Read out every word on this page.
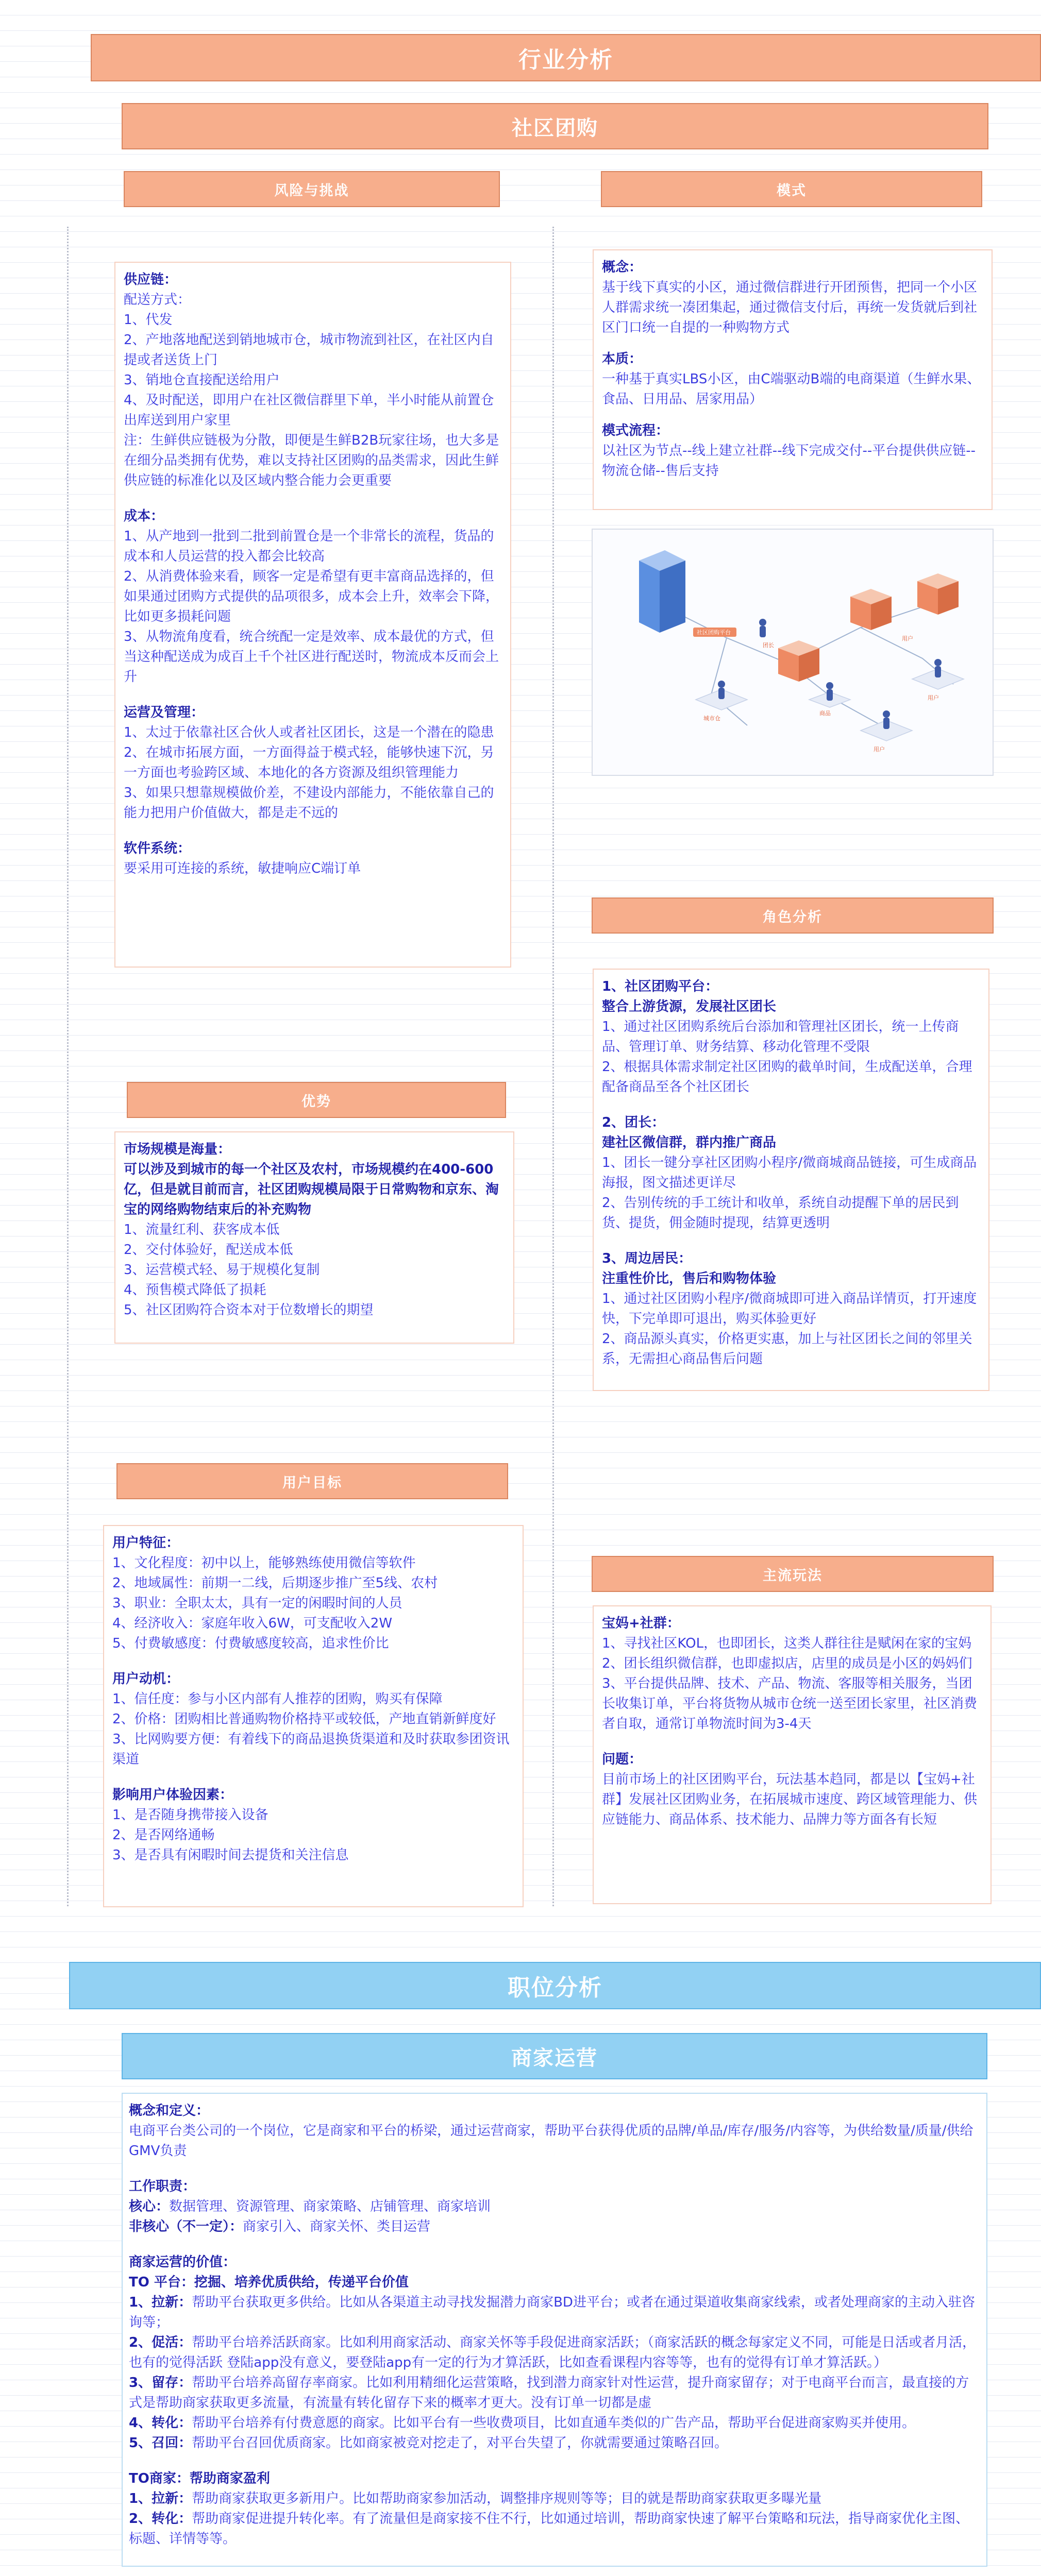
行业分析
社区团购
风险与挑战	模式

供应链：

配送方式：

1、代发

2、产地落地配送到销地城市仓，城市物流到社区，在社区内自提或者送货上门

3、销地仓直接配送给用户

4、及时配送，即用户在社区微信群里下单，半小时能从前置仓出库送到用户家里

注：生鲜供应链极为分散，即便是生鲜B2B玩家往场，也大多是在细分品类拥有优势，难以支持社区团购的品类需求，因此生鲜供应链的标准化以及区域内整合能力会更重要

成本：

1、从产地到一批到二批到前置仓是一个非常长的流程，货品的成本和人员运营的投入都会比较高

2、从消费体验来看，顾客一定是希望有更丰富商品选择的，但如果通过团购方式提供的品项很多，成本会上升，效率会下降，比如更多损耗问题

3、从物流角度看，统合统配一定是效率、成本最优的方式，但当这种配送成为成百上千个社区进行配送时，物流成本反而会上升

运营及管理：

1、太过于依靠社区合伙人或者社区团长，这是一个潜在的隐患

2、在城市拓展方面，一方面得益于模式轻，能够快速下沉，另一方面也考验跨区域、本地化的各方资源及组织管理能力

3、如果只想靠规模做价差，不建设内部能力，不能依靠自己的能力把用户价值做大，都是走不远的

软件系统：

要采用可连接的系统，敏捷响应C端订单

概念：

基于线下真实的小区，通过微信群进行开团预售，把同一个小区人群需求统一凑团集起，通过微信支付后，再统一发货就后到社区门口统一自提的一种购物方式

本质：

一种基于真实LBS小区，由C端驱动B端的电商渠道（生鲜水果、食品、日用品、居家用品）

模式流程：

以社区为节点--线上建立社群--线下完成交付--平台提供供应链--物流仓储--售后支持

社区团购平台
团长
用户
用户
商品
城市仓
用户
角色分析

1、社区团购平台：

整合上游货源，发展社区团长

1、通过社区团购系统后台添加和管理社区团长，统一上传商品、管理订单、财务结算、移动化管理不受限

2、根据具体需求制定社区团购的截单时间，生成配送单，合理配备商品至各个社区团长

2、团长：

建社区微信群，群内推广商品

1、团长一键分享社区团购小程序/微商城商品链接，可生成商品海报，图文描述更详尽

2、告别传统的手工统计和收单，系统自动提醒下单的居民到货、提货，佣金随时提现，结算更透明

3、周边居民：

注重性价比，售后和购物体验

1、通过社区团购小程序/微商城即可进入商品详情页，打开速度快，下完单即可退出，购买体验更好

2、商品源头真实，价格更实惠，加上与社区团长之间的邻里关系，无需担心商品售后问题

优势

市场规模是海量：

可以涉及到城市的每一个社区及农村，市场规模约在400-600亿，但是就目前而言，社区团购规模局限于日常购物和京东、淘宝的网络购物结束后的补充购物

1、流量红利、获客成本低

2、交付体验好，配送成本低

3、运营模式轻、易于规模化复制

4、预售模式降低了损耗

5、社区团购符合资本对于位数增长的期望

用户目标

用户特征：

1、文化程度：初中以上，能够熟练使用微信等软件

2、地域属性：前期一二线，后期逐步推广至5线、农村

3、职业：全职太太，具有一定的闲暇时间的人员

4、经济收入：家庭年收入6W，可支配收入2W

5、付费敏感度：付费敏感度较高，追求性价比

用户动机：

1、信任度：参与小区内部有人推荐的团购，购买有保障

2、价格：团购相比普通购物价格持平或较低，产地直销新鲜度好

3、比网购要方便：有着线下的商品退换货渠道和及时获取参团资讯渠道

影响用户体验因素：

1、是否随身携带接入设备

2、是否网络通畅

3、是否具有闲暇时间去提货和关注信息

主流玩法

宝妈+社群：

1、寻找社区KOL，也即团长，这类人群往往是赋闲在家的宝妈

2、团长组织微信群，也即虚拟店，店里的成员是小区的妈妈们

3、平台提供品牌、技术、产品、物流、客服等相关服务，当团长收集订单，平台将货物从城市仓统一送至团长家里，社区消费者自取，通常订单物流时间为3-4天

问题：

目前市场上的社区团购平台，玩法基本趋同，都是以【宝妈+社群】发展社区团购业务，在拓展城市速度、跨区域管理能力、供应链能力、商品体系、技术能力、品牌力等方面各有长短

职位分析
商家运营

概念和定义：

电商平台类公司的一个岗位，它是商家和平台的桥梁，通过运营商家，帮助平台获得优质的品牌/单品/库存/服务/内容等，为供给数量/质量/供给GMV负责

工作职责：

核心：数据管理、资源管理、商家策略、店铺管理、商家培训

非核心（不一定）：商家引入、商家关怀、类目运营

商家运营的价值：

TO 平台：挖掘、培养优质供给，传递平台价值

1、拉新：帮助平台获取更多供给。比如从各渠道主动寻找发掘潜力商家BD进平台；或者在通过渠道收集商家线索，或者处理商家的主动入驻咨询等；

2、促活：帮助平台培养活跃商家。比如利用商家活动、商家关怀等手段促进商家活跃；（商家活跃的概念每家定义不同，可能是日活或者月活，也有的觉得活跃 登陆app没有意义，要登陆app有一定的行为才算活跃，比如查看课程内容等等，也有的觉得有订单才算活跃。）

3、留存：帮助平台培养高留存率商家。比如利用精细化运营策略，找到潜力商家针对性运营，提升商家留存；对于电商平台而言，最直接的方式是帮助商家获取更多流量，有流量有转化留存下来的概率才更大。没有订单一切都是虚

4、转化：帮助平台培养有付费意愿的商家。比如平台有一些收费项目，比如直通车类似的广告产品，帮助平台促进商家购买并使用。

5、召回：帮助平台召回优质商家。比如商家被竞对挖走了，对平台失望了，你就需要通过策略召回。

TO商家：帮助商家盈利

1、拉新：帮助商家获取更多新用户。比如帮助商家参加活动，调整排序规则等等；目的就是帮助商家获取更多曝光量

2、转化：帮助商家促进提升转化率。有了流量但是商家接不住不行，比如通过培训，帮助商家快速了解平台策略和玩法，指导商家优化主图、标题、详情等等。
